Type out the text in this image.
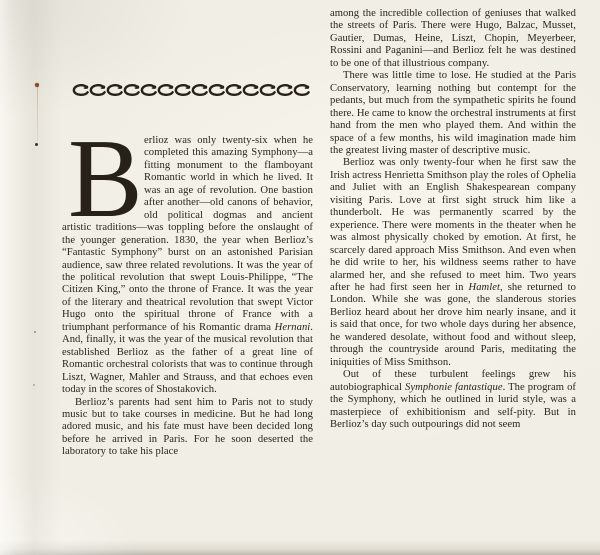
Berlioz was only twenty-six when he completed this amazing Symphony—a fitting monument to the flamboyant Romantic world in which he lived. It was an age of revolution. One bastion after another—old canons of behavior, old political dogmas and ancient artistic traditions—was toppling before the onslaught of the younger generation. 1830, the year when Berlioz’s “Fantastic Symphony” burst on an astonished Parisian audience, saw three related revolutions. It was the year of the political revolution that swept Louis-Philippe, “The Citizen King,” onto the throne of France. It was the year of the literary and theatrical revolution that swept Victor Hugo onto the spiritual throne of France with a triumphant performance of his Romantic drama Hernani. And, finally, it was the year of the musical revolution that established Berlioz as the father of a great line of Romantic orchestral colorists that was to continue through Liszt, Wagner, Mahler and Strauss, and that echoes even today in the scores of Shostakovich.

Berlioz’s parents had sent him to Paris not to study music but to take courses in medicine. But he had long adored music, and his fate must have been decided long before he arrived in Paris. For he soon deserted the laboratory to take his place

among the incredible collection of geniuses that walked the streets of Paris. There were Hugo, Balzac, Musset, Gautier, Dumas, Heine, Liszt, Chopin, Meyerbeer, Rossini and Paganini—and Berlioz felt he was destined to be one of that illustrious company.

There was little time to lose. He studied at the Paris Conservatory, learning nothing but contempt for the pedants, but much from the sympathetic spirits he found there. He came to know the orchestral instruments at first hand from the men who played them. And within the space of a few months, his wild imagination made him the greatest living master of descriptive music.

Berlioz was only twenty-four when he first saw the Irish actress Henrietta Smithson play the roles of Ophelia and Juliet with an English Shakespearean company visiting Paris. Love at first sight struck him like a thunderbolt. He was permanently scarred by the experience. There were moments in the theater when he was almost physically choked by emotion. At first, he scarcely dared approach Miss Smithson. And even when he did write to her, his wildness seems rather to have alarmed her, and she refused to meet him. Two years after he had first seen her in Hamlet, she returned to London. While she was gone, the slanderous stories Berlioz heard about her drove him nearly insane, and it is said that once, for two whole days during her absence, he wandered desolate, without food and without sleep, through the countryside around Paris, meditating the iniquities of Miss Smithson.

Out of these turbulent feelings grew his autobiographical Symphonie fantastique. The program of the Symphony, which he outlined in lurid style, was a masterpiece of exhibitionism and self-pity. But in Berlioz’s day such outpourings did not seem
